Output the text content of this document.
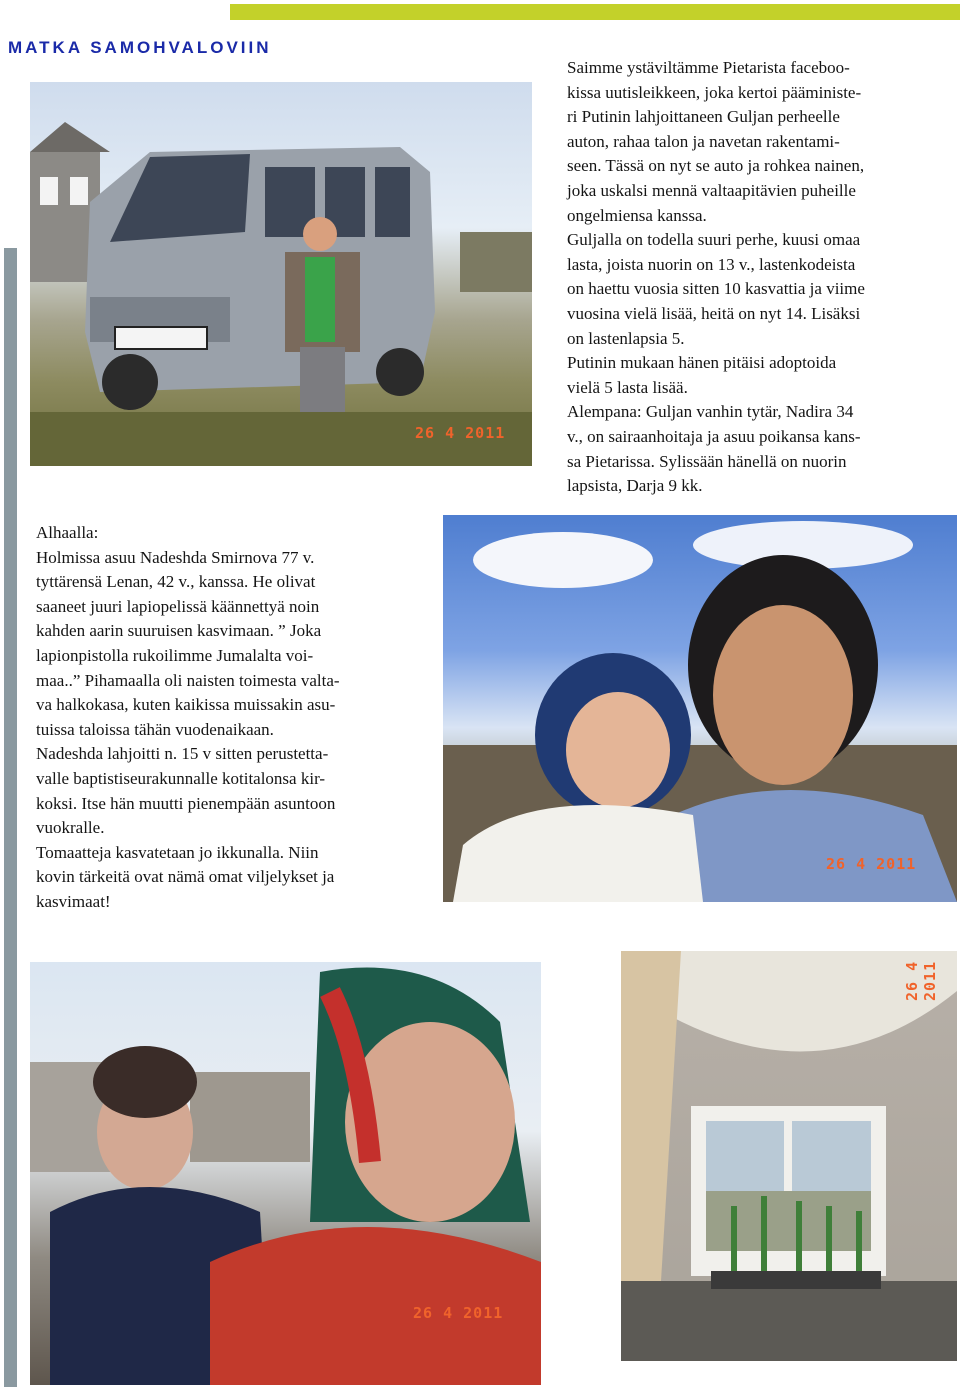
MATKA SAMOHVALOVIIN
26 4 2011
Saimme ystäviltämme Pietarista faceboo-
kissa uutisleikkeen, joka kertoi pääministe-
ri Putinin lahjoittaneen Guljan perheelle
auton, rahaa talon ja navetan rakentami-
seen. Tässä on nyt se auto ja rohkea nainen,
joka uskalsi mennä valtaapitävien puheille
ongelmiensa kanssa.
Guljalla on todella suuri perhe, kuusi omaa
lasta, joista nuorin on 13 v., lastenkodeista
on haettu vuosia sitten 10 kasvattia ja viime
vuosina vielä lisää, heitä on nyt 14. Lisäksi
on lastenlapsia 5.
Putinin mukaan hänen pitäisi adoptoida
vielä 5 lasta lisää.
Alempana: Guljan vanhin tytär, Nadira 34
v., on sairaanhoitaja ja asuu poikansa kans-
sa Pietarissa. Sylissään hänellä on nuorin
lapsista, Darja 9 kk.
Alhaalla:
Holmissa asuu Nadeshda Smirnova 77 v.
tyttärensä Lenan, 42 v., kanssa. He olivat
saaneet juuri lapiopelissä käännettyä noin
kahden aarin suuruisen kasvimaan. ” Joka
lapionpistolla rukoilimme Jumalalta voi-
maa..” Pihamaalla oli naisten toimesta valta-
va halkokasa, kuten kaikissa muissakin asu-
tuissa taloissa tähän vuodenaikaan.
Nadeshda lahjoitti n. 15 v sitten perustetta-
valle baptistiseurakunnalle kotitalonsa kir-
koksi. Itse hän muutti pienempään asuntoon
vuokralle.
Tomaatteja kasvatetaan jo ikkunalla. Niin
kovin tärkeitä ovat nämä omat viljelykset ja
kasvimaat!
26 4 2011
26 4 2011
26 4 2011
